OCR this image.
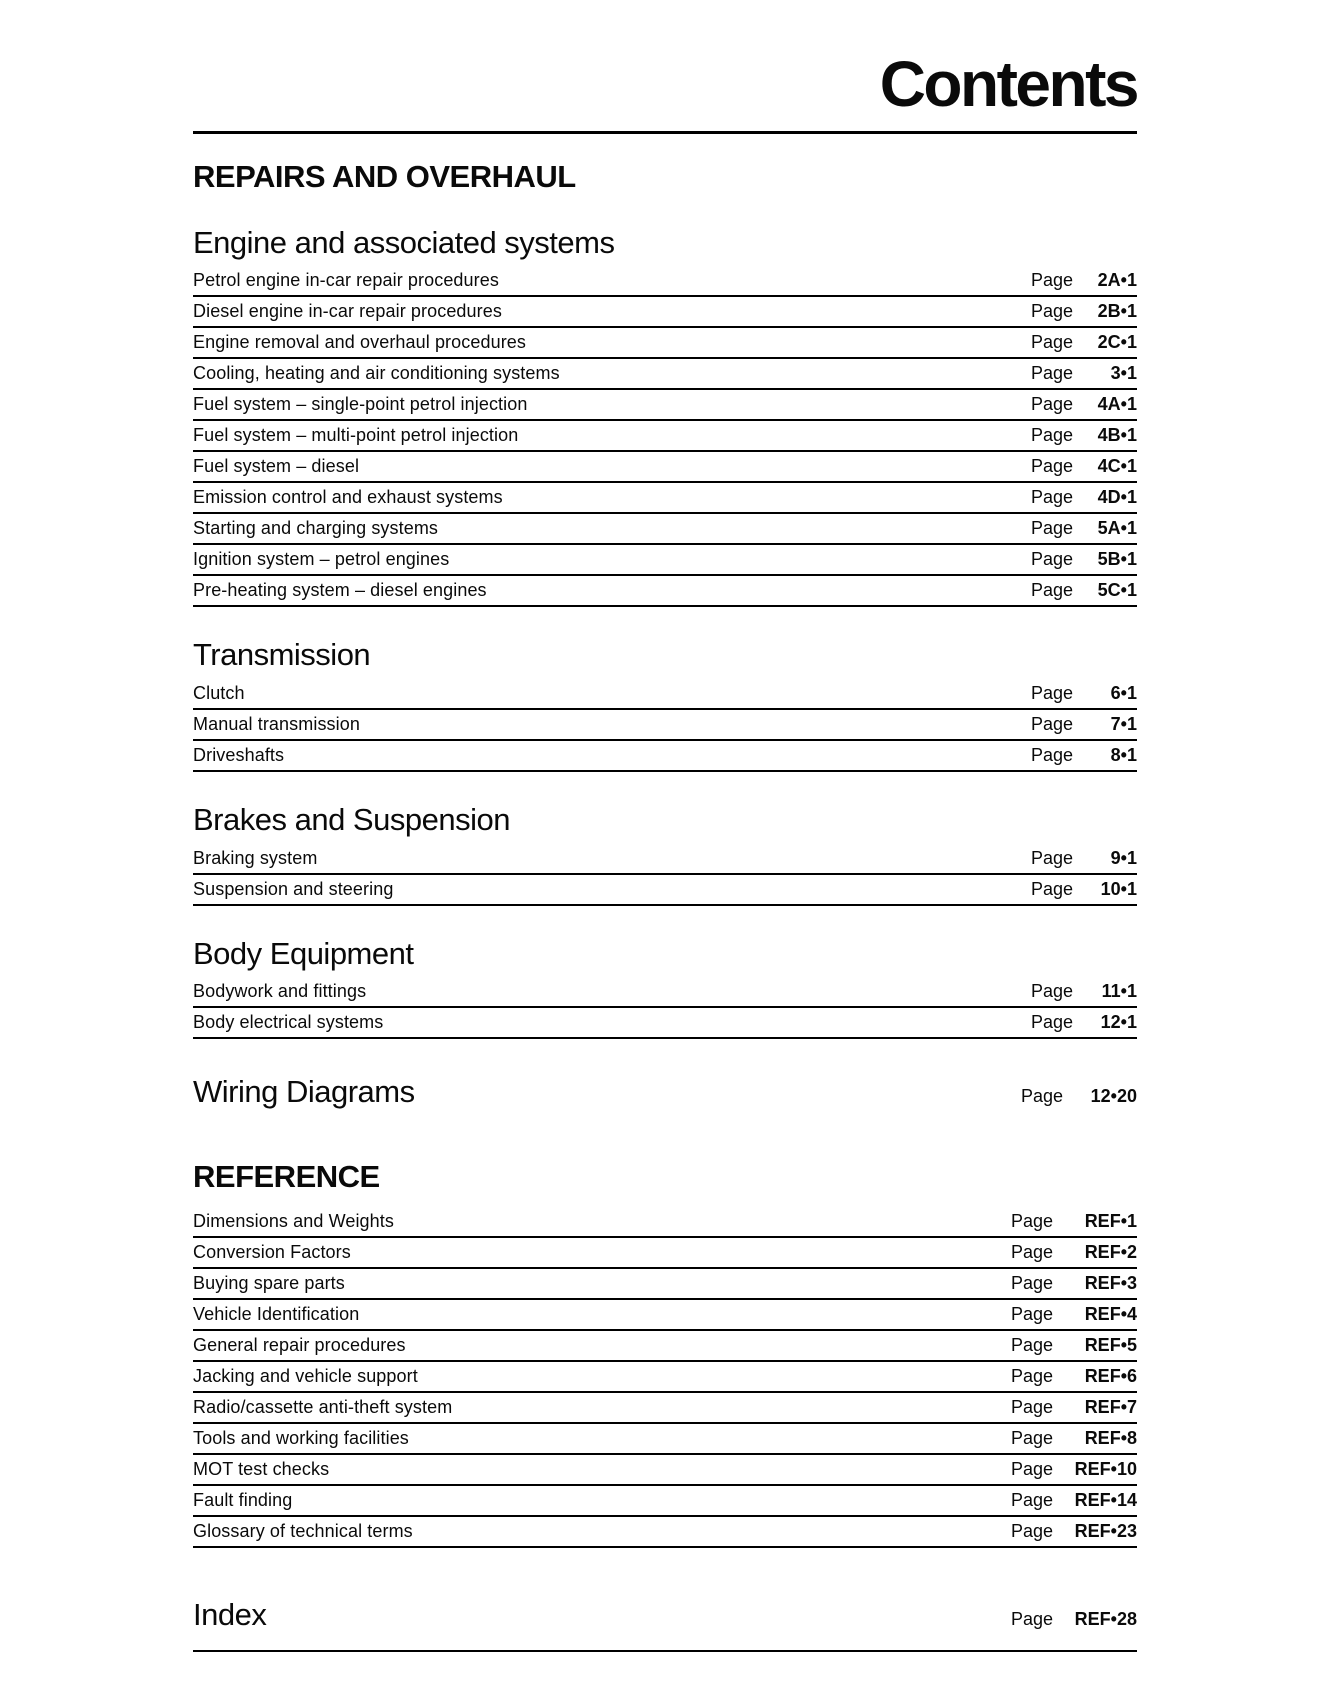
Contents
REPAIRS AND OVERHAUL
Engine and associated systems
Petrol engine in-car repair procedures	Page	2A•1
Diesel engine in-car repair procedures	Page	2B•1
Engine removal and overhaul procedures	Page	2C•1
Cooling, heating and air conditioning systems	Page	3•1
Fuel system – single-point petrol injection	Page	4A•1
Fuel system – multi-point petrol injection	Page	4B•1
Fuel system – diesel	Page	4C•1
Emission control and exhaust systems	Page	4D•1
Starting and charging systems	Page	5A•1
Ignition system – petrol engines	Page	5B•1
Pre-heating system – diesel engines	Page	5C•1
Transmission
Clutch	Page	6•1
Manual transmission	Page	7•1
Driveshafts	Page	8•1
Brakes and Suspension
Braking system	Page	9•1
Suspension and steering	Page	10•1
Body Equipment
Bodywork and fittings	Page	11•1
Body electrical systems	Page	12•1
Wiring Diagrams	Page	12•20
REFERENCE
Dimensions and Weights	Page	REF•1
Conversion Factors	Page	REF•2
Buying spare parts	Page	REF•3
Vehicle Identification	Page	REF•4
General repair procedures	Page	REF•5
Jacking and vehicle support	Page	REF•6
Radio/cassette anti-theft system	Page	REF•7
Tools and working facilities	Page	REF•8
MOT test checks	Page	REF•10
Fault finding	Page	REF•14
Glossary of technical terms	Page	REF•23
Index	Page	REF•28
